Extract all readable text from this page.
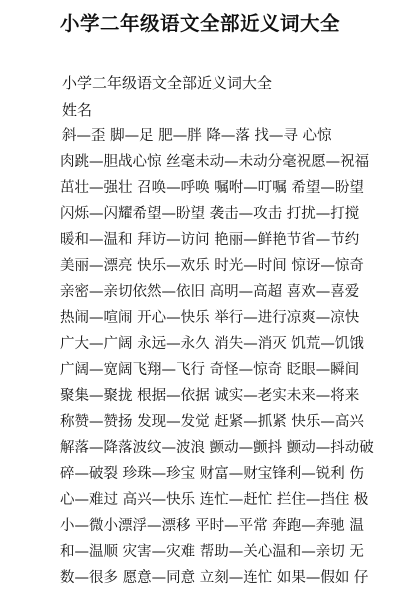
小学二年级语文全部近义词大全
小学二年级语文全部近义词大全
姓名
斜—歪 脚—足 肥—胖 降—落 找—寻 心惊
肉跳—胆战心惊 丝毫未动—未动分毫祝愿—祝福
茁壮—强壮 召唤—呼唤 嘱咐—叮嘱 希望—盼望
闪烁—闪耀希望—盼望 袭击—攻击 打扰—打搅
暖和—温和 拜访—访问 艳丽—鲜艳节省—节约
美丽—漂亮 快乐—欢乐 时光—时间 惊讶—惊奇
亲密—亲切依然—依旧 高明—高超 喜欢—喜爱
热闹—喧闹 开心—快乐 举行—进行凉爽—凉快
广大—广阔 永远—永久 消失—消灭 饥荒—饥饿
广阔—宽阔飞翔—飞行 奇怪—惊奇 眨眼—瞬间
聚集—聚拢 根据—依据 诚实—老实未来—将来
称赞—赞扬 发现—发觉 赶紧—抓紧 快乐—高兴
解落—降落波纹—波浪 颤动—颤抖 颤动—抖动破
碎—破裂 珍珠—珍宝 财富—财宝锋利—锐利 伤
心—难过 高兴—快乐 连忙—赶忙 拦住—挡住 极
小—微小漂浮—漂移 平时—平常 奔跑—奔驰 温
和—温顺 灾害—灾难 帮助—关心温和—亲切 无
数—很多 愿意—同意 立刻—连忙 如果—假如 仔
